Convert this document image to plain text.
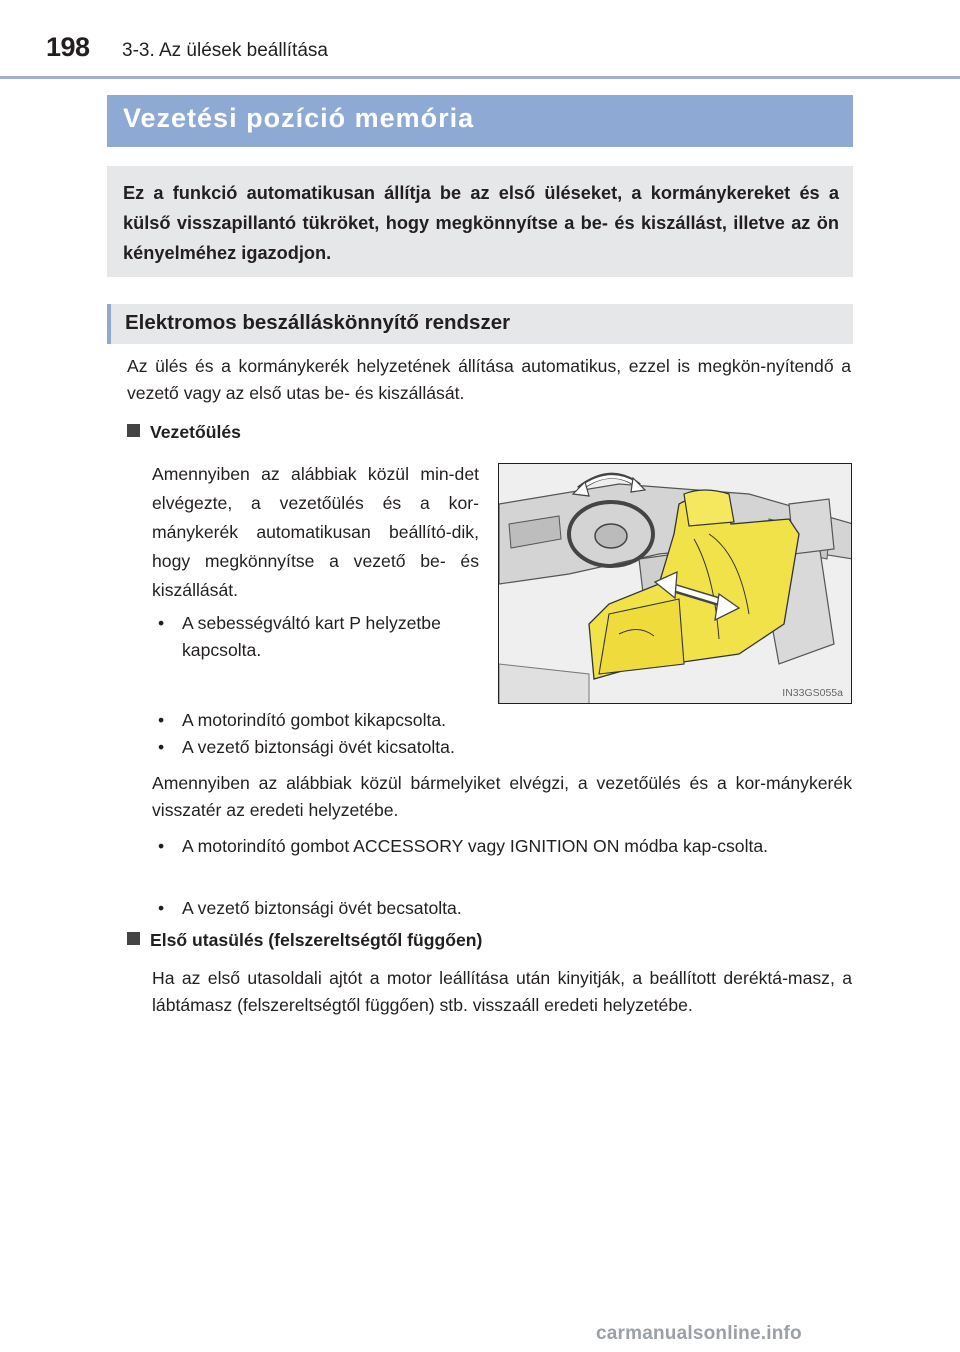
198 3-3. Az ülések beállítása
Vezetési pozíció memória
Ez a funkció automatikusan állítja be az első üléseket, a kormánykereket és a külső visszapillantó tükröket, hogy megkönnyítse a be- és kiszállást, illetve az ön kényelméhez igazodjon.
Elektromos beszálláskönnyítő rendszer
Az ülés és a kormánykerék helyzetének állítása automatikus, ezzel is megkön-nyítendő a vezető vagy az első utas be- és kiszállását.
Vezetőülés
Amennyiben az alábbiak közül min-det elvégezte, a vezetőülés és a kor-mánykerék automatikusan beállító-dik, hogy megkönnyítse a vezető be- és kiszállását.
•	A sebességváltó kart P helyzetbe kapcsolta.
•	A motorindító gombot kikapcsolta.
•	A vezető biztonsági övét kicsatolta.
Amennyiben az alábbiak közül bármelyiket elvégzi, a vezetőülés és a kor-mánykerék visszatér az eredeti helyzetébe.
•	A motorindító gombot ACCESSORY vagy IGNITION ON módba kap-csolta.
•	A vezető biztonsági övét becsatolta.
Első utasülés (felszereltségtől függően)
Ha az első utasoldali ajtót a motor leállítása után kinyitják, a beállított deréktá-masz, a lábtámasz (felszereltségtől függően) stb. visszaáll eredeti helyzetébe.
IN33GS055a
carmanualsonline.info
